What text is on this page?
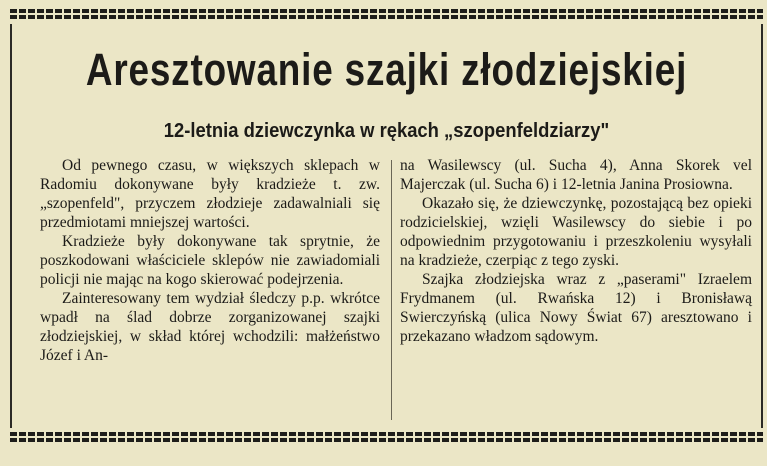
Aresztowanie szajki złodziejskiej
12-letnia dziewczynka w rękach „szopenfeldziarzy"

Od pewnego czasu, w większych sklepach w Radomiu dokonywane były kradzieże t. zw. „szopenfeld", przyczem złodzieje zadawalniali się przedmiotami mniejszej wartości.

Kradzieże były dokonywane tak sprytnie, że poszkodowani właściciele sklepów nie zawiadomiali policji nie mając na kogo skierować podejrzenia.

Zainteresowany tem wydział śledczy p.p. wkrótce wpadł na ślad dobrze zorganizowanej szajki złodziejskiej, w skład której wchodzili: małżeństwo Józef i An-

na Wasilewscy (ul. Sucha 4), Anna Skorek vel Majerczak (ul. Sucha 6) i 12-letnia Janina Prosiowna.

Okazało się, że dziewczynkę, pozostającą bez opieki rodzicielskiej, wzięli Wasilewscy do siebie i po odpowiednim przygotowaniu i przeszkoleniu wysyłali na kradzieże, czerpiąc z tego zyski.

Szajka złodziejska wraz z „paserami" Izraelem Frydmanem (ul. Rwańska 12) i Bronisławą Swierczyńską (ulica Nowy Świat 67) aresztowano i przekazano władzom sądowym.
